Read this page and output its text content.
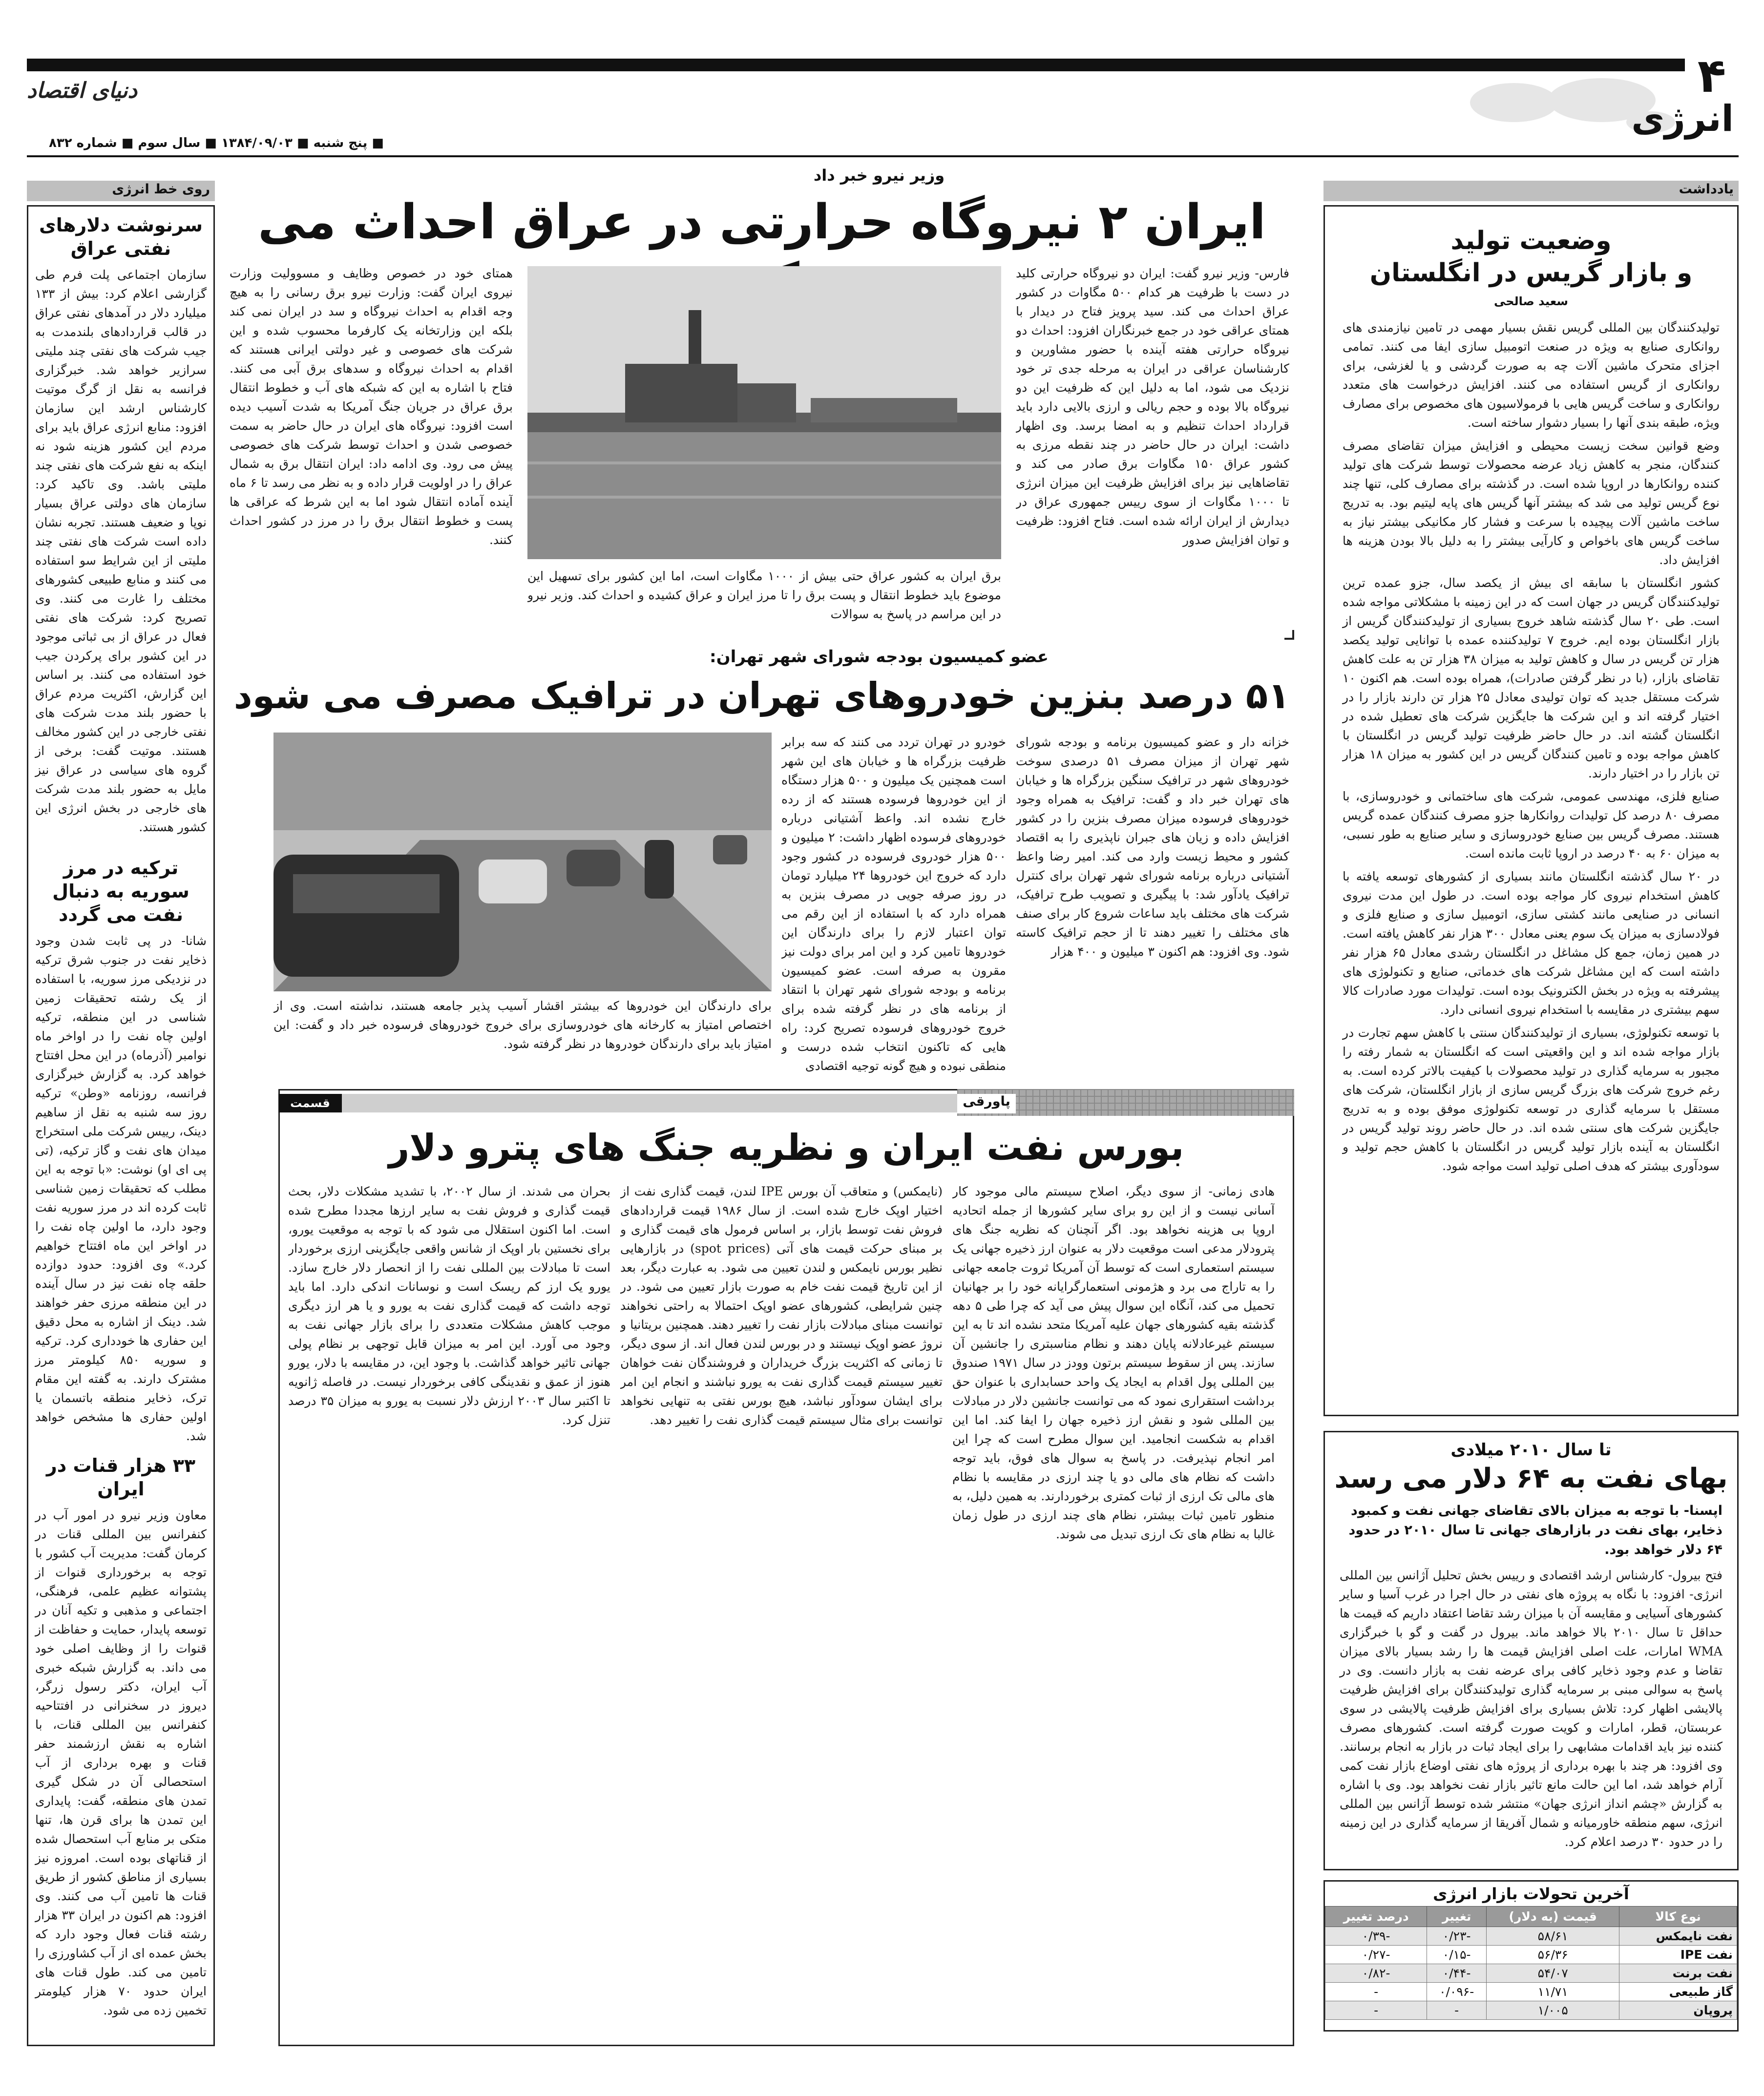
۴
انرژی
دنیای اقتصاد
■ پنج شنبه ■ ۱۳۸۴/۰۹/۰۳ ■ سال سوم ■ شماره ۸۳۲
یادداشت
وضعیت تولید
و بازار گریس در انگلستان
سعید صالحی

تولیدکنندگان بین المللی گریس نقش بسیار مهمی در تامین نیازمندی های روانکاری صنایع به ویژه در صنعت اتومبیل سازی ایفا می کنند. تمامی اجزای متحرک ماشین آلات چه به صورت گردشی و یا لغزشی، برای روانکاری از گریس استفاده می کنند. افزایش درخواست های متعدد روانکاری و ساخت گریس هایی با فرمولاسیون های مخصوص برای مصارف ویژه، طبقه بندی آنها را بسیار دشوار ساخته است.

وضع قوانین سخت زیست محیطی و افزایش میزان تقاضای مصرف کنندگان، منجر به کاهش زیاد عرضه محصولات توسط شرکت های تولید کننده روانکارها در اروپا شده است. در گذشته برای مصارف کلی، تنها چند نوع گریس تولید می شد که بیشتر آنها گریس های پایه لیتیم بود. به تدریج ساخت ماشین آلات پیچیده با سرعت و فشار کار مکانیکی بیشتر نیاز به ساخت گریس های باخواص و کارآیی بیشتر را به دلیل بالا بودن هزینه ها افزایش داد.

کشور انگلستان با سابقه ای بیش از یکصد سال، جزو عمده ترین تولیدکنندگان گریس در جهان است که در این زمینه با مشکلاتی مواجه شده است. طی ۲۰ سال گذشته شاهد خروج بسیاری از تولیدکنندگان گریس از بازار انگلستان بوده ایم. خروج ۷ تولیدکننده عمده با توانایی تولید یکصد هزار تن گریس در سال و کاهش تولید به میزان ۳۸ هزار تن به علت کاهش تقاضای بازار، (با در نظر گرفتن صادرات)، همراه بوده است. هم اکنون ۱۰ شرکت مستقل جدید که توان تولیدی معادل ۲۵ هزار تن دارند بازار را در اختیار گرفته اند و این شرکت ها جایگزین شرکت های تعطیل شده در انگلستان گشته اند. در حال حاضر ظرفیت تولید گریس در انگلستان با کاهش مواجه بوده و تامین کنندگان گریس در این کشور به میزان ۱۸ هزار تن بازار را در اختیار دارند.

صنایع فلزی، مهندسی عمومی، شرکت های ساختمانی و خودروسازی، با مصرف ۸۰ درصد کل تولیدات روانکارها جزو مصرف کنندگان عمده گریس هستند. مصرف گریس بین صنایع خودروسازی و سایر صنایع به طور نسبی، به میزان ۶۰ به ۴۰ درصد در اروپا ثابت مانده است.

در ۲۰ سال گذشته انگلستان مانند بسیاری از کشورهای توسعه یافته با کاهش استخدام نیروی کار مواجه بوده است. در طول این مدت نیروی انسانی در صنایعی مانند کشتی سازی، اتومبیل سازی و صنایع فلزی و فولادسازی به میزان یک سوم یعنی معادل ۳۰۰ هزار نفر کاهش یافته است. در همین زمان، جمع کل مشاغل در انگلستان رشدی معادل ۶۵ هزار نفر داشته است که این مشاغل شرکت های خدماتی، صنایع و تکنولوژی های پیشرفته به ویژه در بخش الکترونیک بوده است. تولیدات مورد صادرات کالا سهم بیشتری در مقایسه با استخدام نیروی انسانی دارد.

با توسعه تکنولوژی، بسیاری از تولیدکنندگان سنتی با کاهش سهم تجارت در بازار مواجه شده اند و این واقعیتی است که انگلستان به شمار رفته را مجبور به سرمایه گذاری در تولید محصولات با کیفیت بالاتر کرده است. به رغم خروج شرکت های بزرگ گریس سازی از بازار انگلستان، شرکت های مستقل با سرمایه گذاری در توسعه تکنولوژی موفق بوده و به تدریج جایگزین شرکت های سنتی شده اند. در حال حاضر روند تولید گریس در انگلستان به آینده بازار تولید گریس در انگلستان با کاهش حجم تولید و سودآوری بیشتر که هدف اصلی تولید است مواجه شود.

تا سال ۲۰۱۰ میلادی
بهای نفت به ۶۴ دلار می رسد
اپسنا- با توجه به میزان بالای تقاضای جهانی نفت و کمبود ذخایر، بهای نفت در بازارهای جهانی تا سال ۲۰۱۰ در حدود ۶۴ دلار خواهد بود.
فتح بیرول- کارشناس ارشد اقتصادی و رییس بخش تحلیل آژانس بین المللی انرژی- افزود: با نگاه به پروژه های نفتی در حال اجرا در غرب آسیا و سایر کشورهای آسیایی و مقایسه آن با میزان رشد تقاضا اعتقاد داریم که قیمت ها حداقل تا سال ۲۰۱۰ بالا خواهد ماند. بیرول در گفت و گو با خبرگزاری WMA امارات، علت اصلی افزایش قیمت ها را رشد بسیار بالای میزان تقاضا و عدم وجود ذخایر کافی برای عرضه نفت به بازار دانست. وی در پاسخ به سوالی مبنی بر سرمایه گذاری تولیدکنندگان برای افزایش ظرفیت پالایشی اظهار کرد: تلاش بسیاری برای افزایش ظرفیت پالایشی در سوی عربستان، قطر، امارات و کویت صورت گرفته است. کشورهای مصرف کننده نیز باید اقدامات مشابهی را برای ایجاد ثبات در بازار به انجام برسانند. وی افزود: هر چند با بهره برداری از پروژه های نفتی اوضاع بازار نفت کمی آرام خواهد شد، اما این حالت مانع تاثیر بازار نفت نخواهد بود. وی با اشاره به گزارش «چشم انداز انرژی جهان» منتشر شده توسط آژانس بین المللی انرژی، سهم منطقه خاورمیانه و شمال آفریقا از سرمایه گذاری در این زمینه را در حدود ۳۰ درصد اعلام کرد.
آخرین تحولات بازار انرژی
نوع کالا	قیمت (به دلار)	تغییر	درصد تغییر
نفت نایمکس	۵۸/۶۱	-۰/۲۳	-۰/۳۹
نفت IPE	۵۶/۳۶	-۰/۱۵	-۰/۲۷
نفت برنت	۵۴/۰۷	-۰/۴۴	-۰/۸۲
گاز طبیعی	۱۱/۷۱	-۰/۰۹۶	-
پروپان	۱/۰۰۵	-	-
وزیر نیرو خبر داد
ایران ۲ نیروگاه حرارتی در عراق احداث می
فارس- وزیر نیرو گفت: ایران دو نیروگاه حرارتی کلید در دست با ظرفیت هر کدام ۵۰۰ مگاوات در کشور عراق احداث می کند. سید پرویز فتاح در دیدار با همتای عراقی خود در جمع خبرنگاران افزود: احداث دو نیروگاه حرارتی هفته آینده با حضور مشاورین و کارشناسان عراقی در ایران به مرحله جدی تر خود نزدیک می شود، اما به دلیل این که ظرفیت این دو نیروگاه بالا بوده و حجم ریالی و ارزی بالایی دارد باید قرارداد احداث تنظیم و به امضا برسد. وی اظهار داشت: ایران در حال حاضر در چند نقطه مرزی به کشور عراق ۱۵۰ مگاوات برق صادر می کند و تقاضاهایی نیز برای افزایش ظرفیت این میزان انرژی تا ۱۰۰۰ مگاوات از سوی رییس جمهوری عراق در دیدارش از ایران ارائه شده است. فتاح افزود: ظرفیت و توان افزایش صدور
برق ایران به کشور عراق حتی بیش از ۱۰۰۰ مگاوات است، اما این کشور برای تسهیل این موضوع باید خطوط انتقال و پست برق را تا مرز ایران و عراق کشیده و احداث کند. وزیر نیرو در این مراسم در پاسخ به سوالات
همتای خود در خصوص وظایف و مسوولیت وزارت نیروی ایران گفت: وزارت نیرو برق رسانی را به هیچ وجه اقدام به احداث نیروگاه و سد در ایران نمی کند بلکه این وزارتخانه یک کارفرما محسوب شده و این شرکت های خصوصی و غیر دولتی ایرانی هستند که اقدام به احداث نیروگاه و سدهای برق آبی می کنند. فتاح با اشاره به این که شبکه های آب و خطوط انتقال برق عراق در جریان جنگ آمریکا به شدت آسیب دیده است افزود: نیروگاه های ایران در حال حاضر به سمت خصوصی شدن و احداث توسط شرکت های خصوصی پیش می رود. وی ادامه داد: ایران انتقال برق به شمال عراق را در اولویت قرار داده و به نظر می رسد تا ۶ ماه آینده آماده انتقال شود اما به این شرط که عراقی ها پست و خطوط انتقال برق را در مرز در کشور احداث کنند.
عضو کمیسیون بودجه شورای شهر تهران:
۵۱ درصد بنزین خودروهای تهران در ترافیک مصرف می شود
خزانه دار و عضو کمیسیون برنامه و بودجه شورای شهر تهران از میزان مصرف ۵۱ درصدی سوخت خودروهای شهر در ترافیک سنگین بزرگراه ها و خیابان های تهران خبر داد و گفت: ترافیک به همراه وجود خودروهای فرسوده میزان مصرف بنزین را در کشور افزایش داده و زیان های جبران ناپذیری را به اقتصاد کشور و محیط زیست وارد می کند. امیر رضا واعظ آشتیانی درباره برنامه شورای شهر تهران برای کنترل ترافیک یادآور شد: با پیگیری و تصویب طرح ترافیک، شرکت های مختلف باید ساعات شروع کار برای صنف های مختلف را تغییر دهند تا از حجم ترافیک کاسته شود. وی افزود: هم اکنون ۳ میلیون و ۴۰۰ هزار
خودرو در تهران تردد می کنند که سه برابر ظرفیت بزرگراه ها و خیابان های این شهر است همچنین یک میلیون و ۵۰۰ هزار دستگاه از این خودروها فرسوده هستند که از رده خارج نشده اند. واعظ آشتیانی درباره خودروهای فرسوده اظهار داشت: ۲ میلیون و ۵۰۰ هزار خودروی فرسوده در کشور وجود دارد که خروج این خودروها ۲۴ میلیارد تومان در روز صرفه جویی در مصرف بنزین به همراه دارد که با استفاده از این رقم می توان اعتبار لازم را برای دارندگان این خودروها تامین کرد و این امر برای دولت نیز مقرون به صرفه است. عضو کمیسیون برنامه و بودجه شورای شهر تهران با انتقاد از برنامه های در نظر گرفته شده برای خروج خودروهای فرسوده تصریح کرد: راه هایی که تاکنون انتخاب شده درست و منطقی نبوده و هیچ گونه توجیه اقتصادی
برای دارندگان این خودروها که بیشتر اقشار آسیب پذیر جامعه هستند، نداشته است. وی از اختصاص امتیاز به کارخانه های خودروسازی برای خروج خودروهای فرسوده خبر داد و گفت: این امتیاز باید برای دارندگان خودروها در نظر گرفته شود.
پاورقی
قسمت نهم
بورس نفت ایران و نظریه جنگ های پترو دلار
هادی زمانی- از سوی دیگر، اصلاح سیستم مالی موجود کار آسانی نیست و از این رو برای سایر کشورها از جمله اتحادیه اروپا بی هزینه نخواهد بود. اگر آنچنان که نظریه جنگ های پترودلار مدعی است موقعیت دلار به عنوان ارز ذخیره جهانی یک سیستم استعماری است که توسط آن آمریکا ثروت جامعه جهانی را به تاراج می برد و هژمونی استعمارگرایانه خود را بر جهانیان تحمیل می کند، آنگاه این سوال پیش می آید که چرا طی ۵ دهه گذشته بقیه کشورهای جهان علیه آمریکا متحد نشده اند تا به این سیستم غیرعادلانه پایان دهند و نظام مناسبتری را جانشین آن سازند. پس از سقوط سیستم برتون وودز در سال ۱۹۷۱ صندوق بین المللی پول اقدام به ایجاد یک واحد حسابداری با عنوان حق برداشت استقراری نمود که می توانست جانشین دلار در مبادلات بین المللی شود و نقش ارز ذخیره جهان را ایفا کند. اما این اقدام به شکست انجامید. این سوال مطرح است که چرا این امر انجام نپذیرفت. در پاسخ به سوال های فوق، باید توجه داشت که نظام های مالی دو یا چند ارزی در مقایسه با نظام های مالی تک ارزی از ثبات کمتری برخوردارند. به همین دلیل، به منظور تامین ثبات بیشتر، نظام های چند ارزی در طول زمان غالبا به نظام های تک ارزی تبدیل می شوند.
(نایمکس) و متعاقب آن بورس IPE لندن، قیمت گذاری نفت از اختیار اوپک خارج شده است. از سال ۱۹۸۶ قیمت قراردادهای فروش نفت توسط بازار، بر اساس فرمول های قیمت گذاری و بر مبنای حرکت قیمت های آتی (spot prices) در بازارهایی نظیر بورس نایمکس و لندن تعیین می شود. به عبارت دیگر، بعد از این تاریخ قیمت نفت خام به صورت بازار تعیین می شود. در چنین شرایطی، کشورهای عضو اوپک احتمالا به راحتی نخواهند توانست مبنای مبادلات بازار نفت را تغییر دهند. همچنین بریتانیا و نروژ عضو اوپک نیستند و در بورس لندن فعال اند. از سوی دیگر، تا زمانی که اکثریت بزرگ خریداران و فروشندگان نفت خواهان تغییر سیستم قیمت گذاری نفت به یورو نباشند و انجام این امر برای ایشان سودآور نباشد، هیچ بورس نفتی به تنهایی نخواهد توانست برای مثال سیستم قیمت گذاری نفت را تغییر دهد.
بحران می شدند. از سال ۲۰۰۲، با تشدید مشکلات دلار، بحث قیمت گذاری و فروش نفت به سایر ارزها مجددا مطرح شده است. اما اکنون استقلال می شود که با توجه به موقعیت یورو، برای نخستین بار اوپک از شانس واقعی جایگزینی ارزی برخوردار است تا مبادلات بین المللی نفت را از انحصار دلار خارج سازد. یورو یک ارز کم ریسک است و نوسانات اندکی دارد. اما باید توجه داشت که قیمت گذاری نفت به یورو و یا هر ارز دیگری موجب کاهش مشکلات متعددی را برای بازار جهانی نفت به وجود می آورد. این امر به میزان قابل توجهی بر نظام پولی جهانی تاثیر خواهد گذاشت. با وجود این، در مقایسه با دلار، یورو هنوز از عمق و نقدینگی کافی برخوردار نیست. در فاصله ژانویه تا اکتبر سال ۲۰۰۳ ارزش دلار نسبت به یورو به میزان ۳۵ درصد تنزل کرد.
روی خط انرژی
سرنوشت دلارهای نفتی عراق
سازمان اجتماعی پلت فرم طی گزارشی اعلام کرد: بیش از ۱۳۳ میلیارد دلار در آمدهای نفتی عراق در قالب قراردادهای بلندمدت به جیب شرکت های نفتی چند ملیتی سرازیر خواهد شد. خبرگزاری فرانسه به نقل از گرگ موتیت کارشناس ارشد این سازمان افزود: منابع انرژی عراق باید برای مردم این کشور هزینه شود نه اینکه به نفع شرکت های نفتی چند ملیتی باشد. وی تاکید کرد: سازمان های دولتی عراق بسیار نوپا و ضعیف هستند. تجربه نشان داده است شرکت های نفتی چند ملیتی از این شرایط سو استفاده می کنند و منابع طبیعی کشورهای مختلف را غارت می کنند. وی تصریح کرد: شرکت های نفتی فعال در عراق از بی ثباتی موجود در این کشور برای پرکردن جیب خود استفاده می کنند. بر اساس این گزارش، اکثریت مردم عراق با حضور بلند مدت شرکت های نفتی خارجی در این کشور مخالف هستند. موتیت گفت: برخی از گروه های سیاسی در عراق نیز مایل به حضور بلند مدت شرکت های خارجی در بخش انرژی این کشور هستند.
ترکیه در مرز سوریه به دنبال نفت می گردد
شانا- در پی ثابت شدن وجود ذخایر نفت در جنوب شرق ترکیه در نزدیکی مرز سوریه، با استفاده از یک رشته تحقیقات زمین شناسی در این منطقه، ترکیه اولین چاه نفت را در اواخر ماه نوامبر (آذرماه) در این محل افتتاح خواهد کرد. به گزارش خبرگزاری فرانسه، روزنامه «وطن» ترکیه روز سه شنبه به نقل از ساهیم دینک، رییس شرکت ملی استخراج میدان های نفت و گاز ترکیه، (تی پی ای او) نوشت: «با توجه به این مطلب که تحقیقات زمین شناسی ثابت کرده اند در مرز سوریه نفت وجود دارد، ما اولین چاه نفت را در اواخر این ماه افتتاح خواهیم کرد.» وی افزود: حدود دوازده حلقه چاه نفت نیز در سال آینده در این منطقه مرزی حفر خواهند شد. دینک از اشاره به محل دقیق این حفاری ها خودداری کرد. ترکیه و سوریه ۸۵۰ کیلومتر مرز مشترک دارند. به گفته این مقام ترک، ذخایر منطقه باتسمان یا اولین حفاری ها مشخص خواهد شد.
۳۳ هزار قنات در ایران
معاون وزیر نیرو در امور آب در کنفرانس بین المللی قنات در کرمان گفت: مدیریت آب کشور با توجه به برخورداری قنوات از پشتوانه عظیم علمی، فرهنگی، اجتماعی و مذهبی و تکیه آنان در توسعه پایدار، حمایت و حفاظت از قنوات را از وظایف اصلی خود می داند. به گزارش شبکه خبری آب ایران، دکتر رسول زرگر، دیروز در سخنرانی در افتتاحیه کنفرانس بین المللی قنات، با اشاره به نقش ارزشمند حفر قنات و بهره برداری از آب استحصالی آن در شکل گیری تمدن های منطقه، گفت: پایداری این تمدن ها برای قرن ها، تنها متکی بر منابع آب استحصال شده از قناتهای بوده است. امروزه نیز بسیاری از مناطق کشور از طریق قنات ها تامین آب می کنند. وی افزود: هم اکنون در ایران ۳۳ هزار رشته قنات فعال وجود دارد که بخش عمده ای از آب کشاورزی را تامین می کند. طول قنات های ایران حدود ۷۰ هزار کیلومتر تخمین زده می شود.
